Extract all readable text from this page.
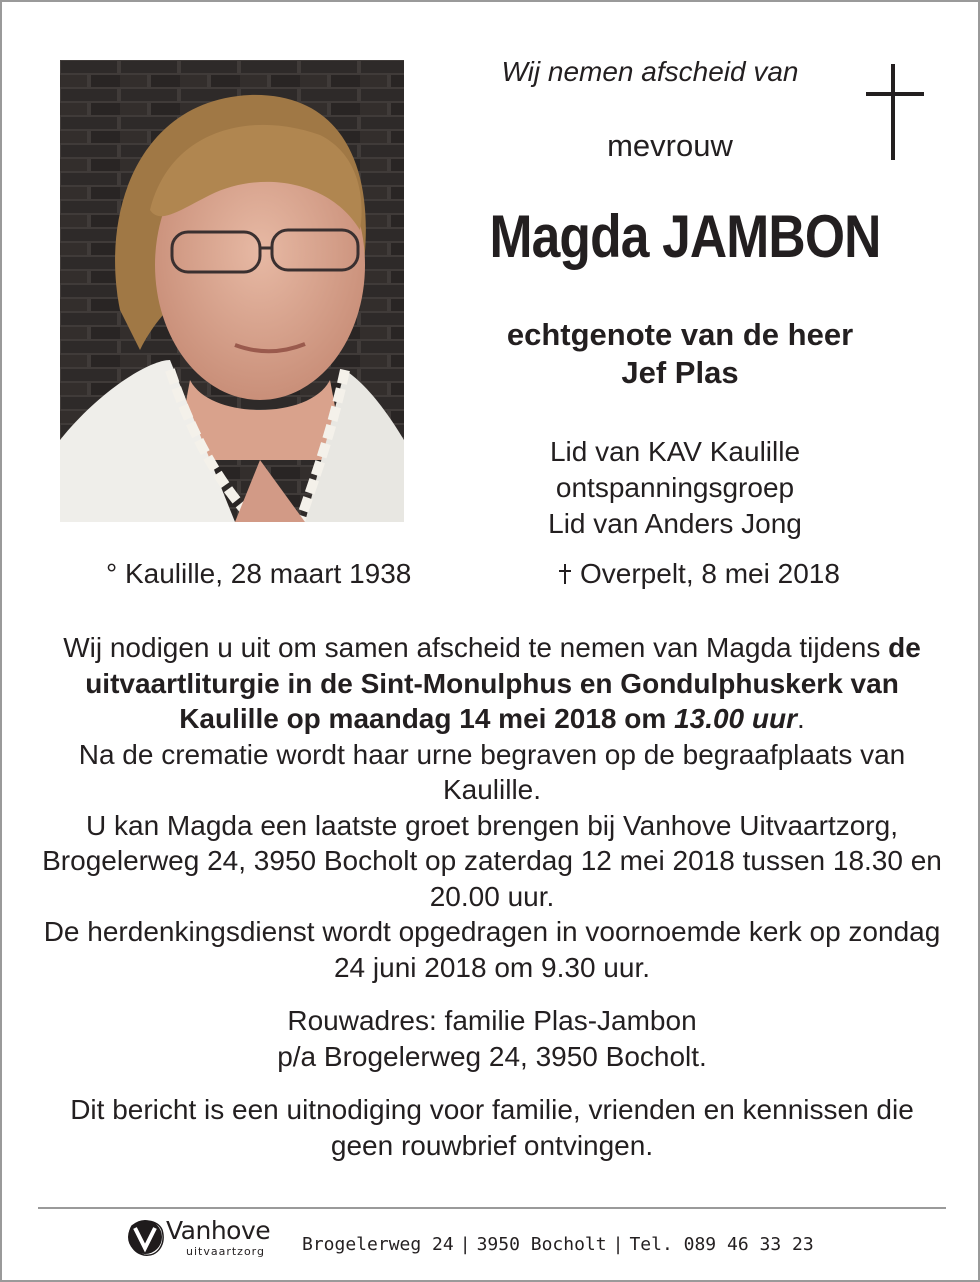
Wij nemen afscheid van
mevrouw
Magda JAMBON
echtgenote van de heer
Jef Plas
Lid van KAV Kaulille
ontspanningsgroep
Lid van Anders Jong
° Kaulille, 28 maart 1938	Overpelt, 8 mei 2018

Wij nodigen u uit om samen afscheid te nemen van Magda tijdens de uitvaartliturgie in de Sint-Monulphus en Gondulphuskerk van Kaulille op maandag 14 mei 2018 om 13.00 uur.

Na de crematie wordt haar urne begraven op de begraafplaats van Kaulille.

U kan Magda een laatste groet brengen bij Vanhove Uitvaartzorg, Brogelerweg 24, 3950 Bocholt op zaterdag 12 mei 2018 tussen 18.30 en 20.00 uur.

De herdenkingsdienst wordt opgedragen in voornoemde kerk op zondag 24 juni 2018 om 9.30 uur.

Rouwadres: familie Plas-Jambon

p/a Brogelerweg 24, 3950 Bocholt.

Dit bericht is een uitnodiging voor familie, vrienden en kennissen die geen rouwbrief ontvingen.

Vanhove
uitvaartzorg Brogelerweg 24 | 3950 Bocholt | Tel. 089 46 33 23
